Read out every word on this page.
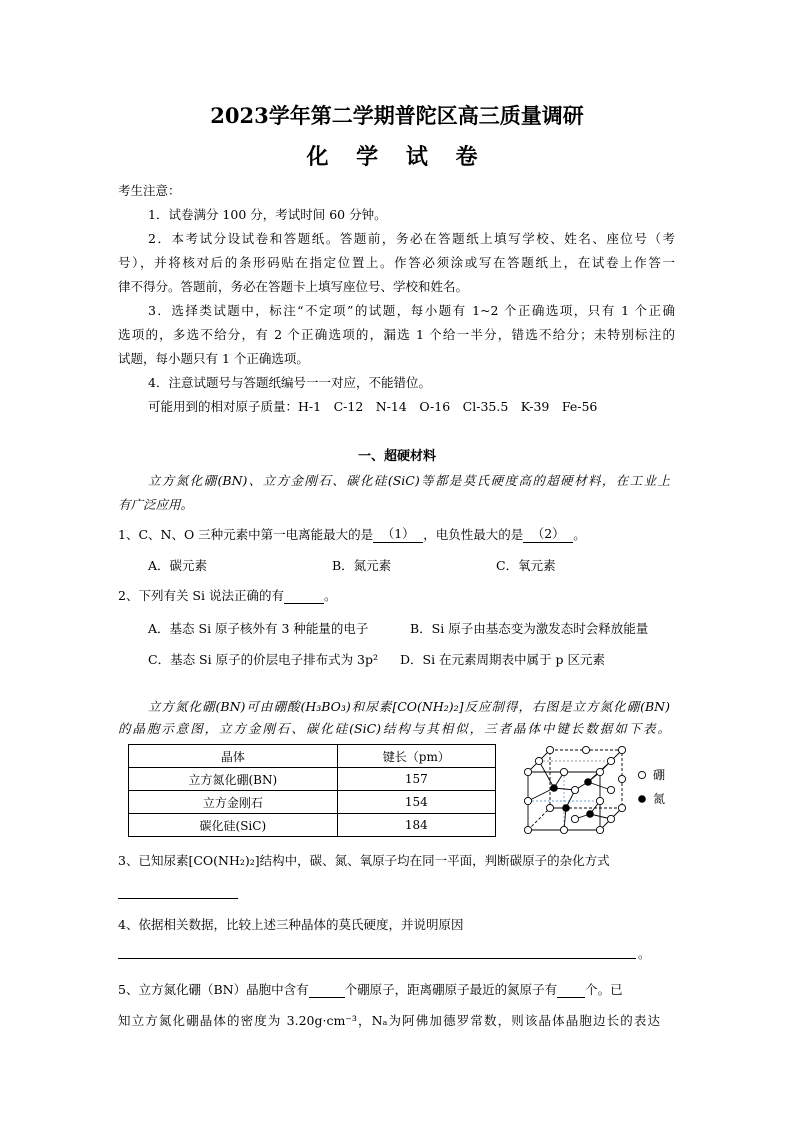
2023学年第二学期普陀区高三质量调研
化 学 试 卷
考生注意：
1．试卷满分 100 分，考试时间 60 分钟。
2．本考试分设试卷和答题纸。答题前，务必在答题纸上填写学校、姓名、座位号（考
号），并将核对后的条形码贴在指定位置上。作答必须涂或写在答题纸上，在试卷上作答一
律不得分。答题前，务必在答题卡上填写座位号、学校和姓名。
3．选择类试题中，标注“不定项”的试题，每小题有 1~2 个正确选项，只有 1 个正确
选项的，多选不给分，有 2 个正确选项的，漏选 1 个给一半分，错选不给分；未特别标注的
试题，每小题只有 1 个正确选项。
4．注意试题号与答题纸编号一一对应，不能错位。
可能用到的相对原子质量：H-1　C-12　N-14　O-16　Cl-35.5　K-39　Fe-56
一、超硬材料
立方氮化硼(BN)、立方金刚石、碳化硅(SiC)等都是莫氏硬度高的超硬材料，在工业上
有广泛应用。
1、C、N、O 三种元素中第一电离能最大的是 （1） ，电负性最大的是 （2） 。
A．碳元素	B．氮元素	C．氧元素
2、下列有关 Si 说法正确的有	。
A．基态 Si 原子核外有 3 种能量的电子	B．Si 原子由基态变为激发态时会释放能量
C．基态 Si 原子的价层电子排布式为 3p² D．Si 在元素周期表中属于 p 区元素
立方氮化硼(BN)可由硼酸(H₃BO₃)和尿素[CO(NH₂)₂]反应制得，右图是立方氮化硼(BN)
的晶胞示意图，立方金刚石、碳化硅(SiC)结构与其相似，三者晶体中键长数据如下表。
晶体	键长（pm）
立方氮化硼(BN)	157
立方金刚石	154
碳化硅(SiC)	184
硼
氮
3、已知尿素[CO(NH₂)₂]结构中，碳、氮、氧原子均在同一平面，判断碳原子的杂化方式
4、依据相关数据，比较上述三种晶体的莫氏硬度，并说明原因
。
5、立方氮化硼（BN）晶胞中含有	个硼原子，距离硼原子最近的氮原子有 个。已
知立方氮化硼晶体的密度为 3.20g·cm⁻³，Nₐ为阿佛加德罗常数，则该晶体晶胞边长的表达
